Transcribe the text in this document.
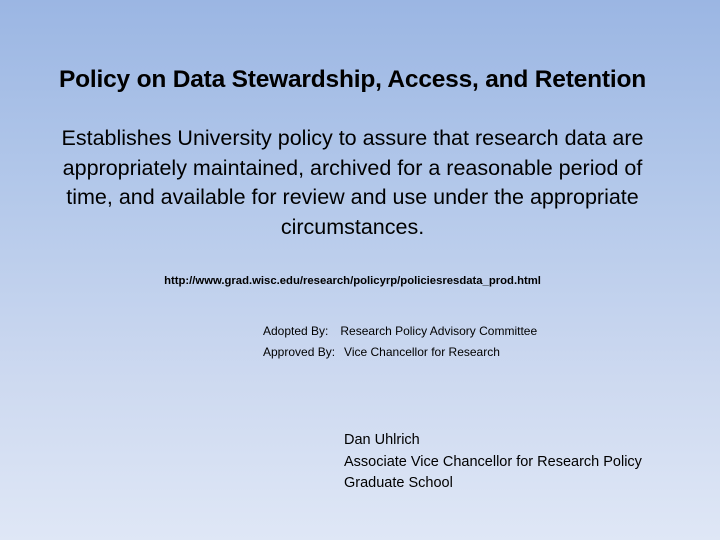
Policy on Data Stewardship, Access, and Retention
Establishes University policy to assure that research data are appropriately maintained, archived for a reasonable period of time, and available for review and use under the appropriate circumstances.
http://www.grad.wisc.edu/research/policyrp/policiesresdata_prod.html
Adopted By: Research Policy Advisory Committee
Approved By: Vice Chancellor for Research
Dan Uhlrich
Associate Vice Chancellor for Research Policy
Graduate School
